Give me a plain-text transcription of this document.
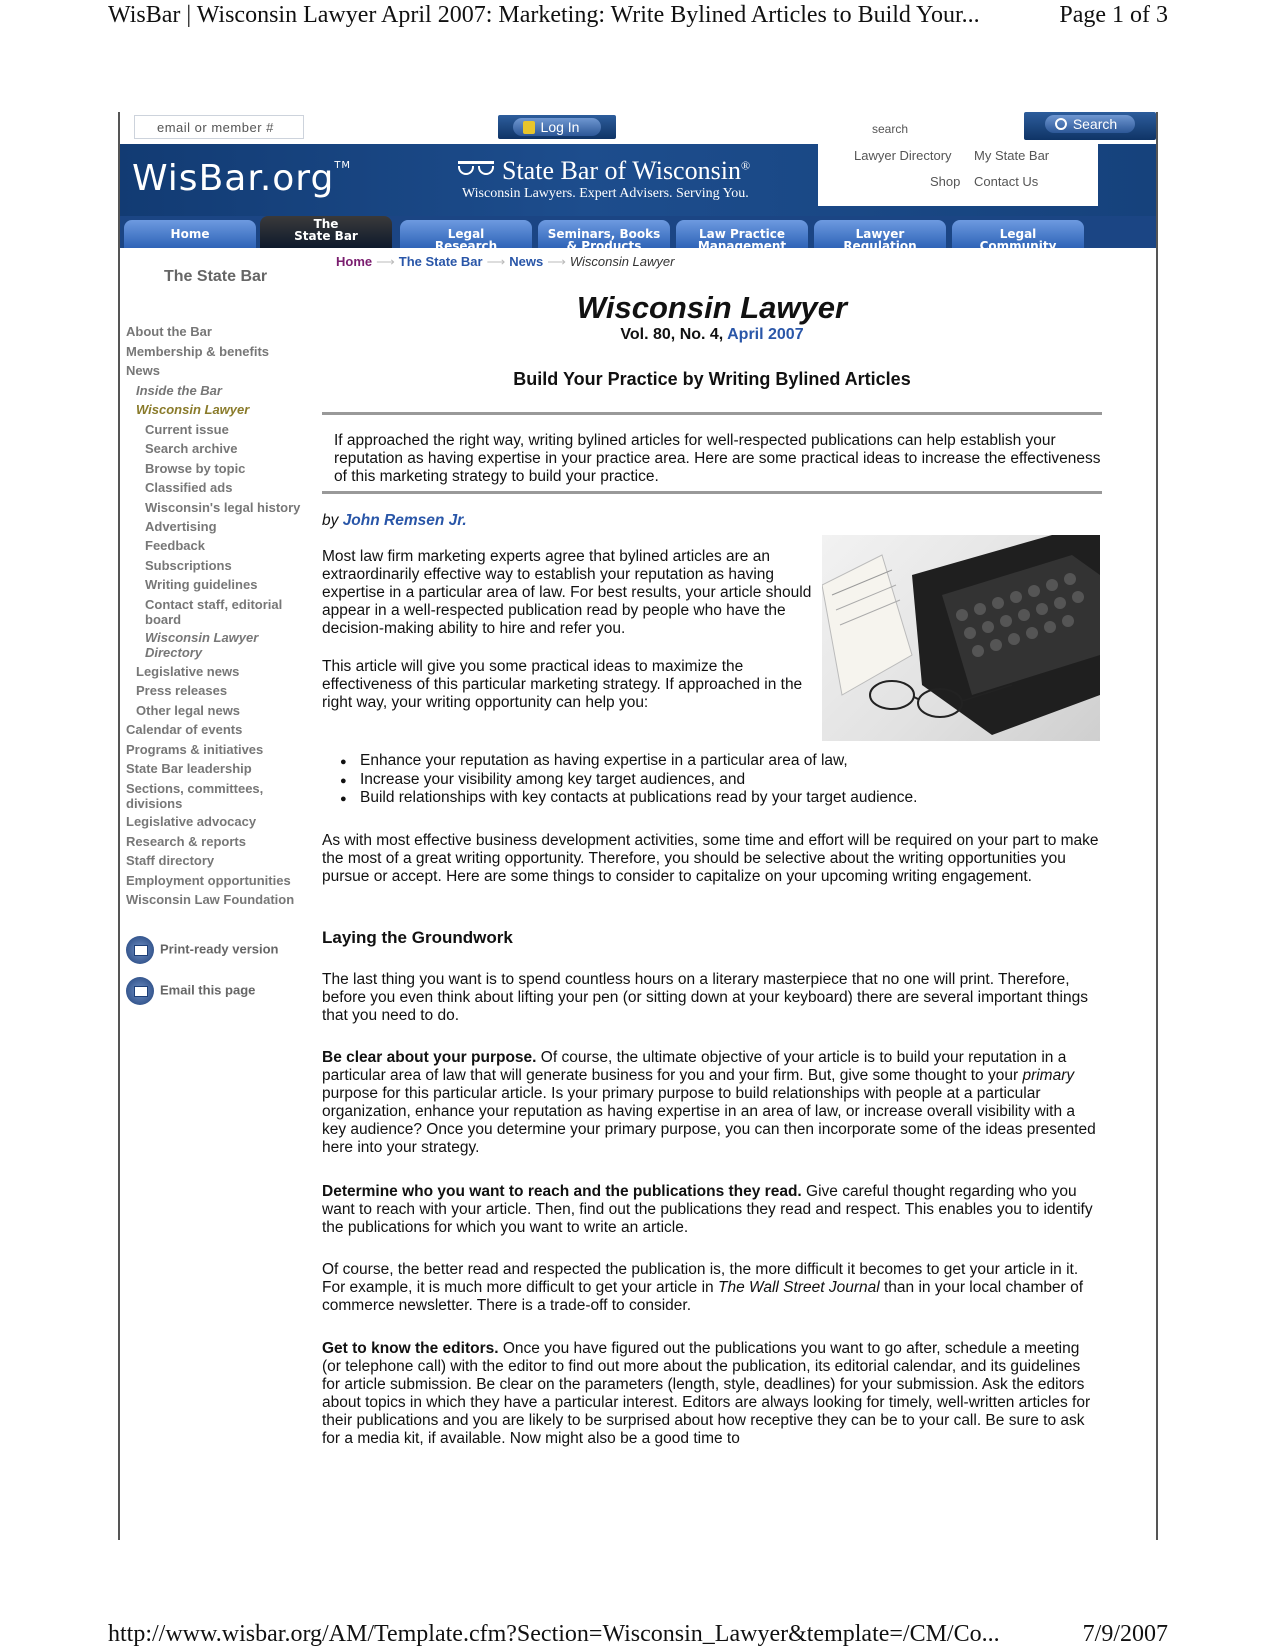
WisBar | Wisconsin Lawyer April 2007: Marketing: Write Bylined Articles to Build Your...	Page 1 of 3
email or member #	Log In	search	Search
WisBar.org™	State Bar of Wisconsin®
Wisconsin Lawyers. Expert Advisers. Serving You.
Lawyer Directory My State Bar
Shop Contact Us
Home
The
State Bar	Legal
Research
Seminars, Books
& Products
Law Practice
Management
Lawyer
Regulation
Legal
Community
The State Bar
About the Bar
Membership & benefits
News
Inside the Bar
Wisconsin Lawyer
Current issue
Search archive
Browse by topic
Classified ads
Wisconsin's legal history
Advertising
Feedback
Subscriptions
Writing guidelines
Contact staff, editorial board
Wisconsin Lawyer Directory
Legislative news
Press releases
Other legal news
Calendar of events
Programs & initiatives
State Bar leadership
Sections, committees, divisions
Legislative advocacy
Research & reports
Staff directory
Employment opportunities
Wisconsin Law Foundation
Print-ready version
Email this page
Home ⟶ The State Bar ⟶ News ⟶ Wisconsin Lawyer
Wisconsin Lawyer
Vol. 80, No. 4, April 2007
Build Your Practice by Writing Bylined Articles
If approached the right way, writing bylined articles for well-respected publications can help establish your reputation as having expertise in your practice area. Here are some practical ideas to increase the effectiveness of this marketing strategy to build your practice.
by John Remsen Jr.
Most law firm marketing experts agree that bylined articles are an extraordinarily effective way to establish your reputation as having expertise in a particular area of law. For best results, your article should appear in a well-respected publication read by people who have the decision-making ability to hire and refer you.
This article will give you some practical ideas to maximize the effectiveness of this particular marketing strategy. If approached in the right way, your writing opportunity can help you:
● Enhance your reputation as having expertise in a particular area of law,
● Increase your visibility among key target audiences, and
● Build relationships with key contacts at publications read by your target audience.
As with most effective business development activities, some time and effort will be required on your part to make the most of a great writing opportunity. Therefore, you should be selective about the writing opportunities you pursue or accept. Here are some things to consider to capitalize on your upcoming writing engagement.
Laying the Groundwork
The last thing you want is to spend countless hours on a literary masterpiece that no one will print. Therefore, before you even think about lifting your pen (or sitting down at your keyboard) there are several important things that you need to do.
Be clear about your purpose. Of course, the ultimate objective of your article is to build your reputation in a particular area of law that will generate business for you and your firm. But, give some thought to your primary purpose for this particular article. Is your primary purpose to build relationships with people at a particular organization, enhance your reputation as having expertise in an area of law, or increase overall visibility with a key audience? Once you determine your primary purpose, you can then incorporate some of the ideas presented here into your strategy.
Determine who you want to reach and the publications they read. Give careful thought regarding who you want to reach with your article. Then, find out the publications they read and respect. This enables you to identify the publications for which you want to write an article.
Of course, the better read and respected the publication is, the more difficult it becomes to get your article in it. For example, it is much more difficult to get your article in The Wall Street Journal than in your local chamber of commerce newsletter. There is a trade-off to consider.
Get to know the editors. Once you have figured out the publications you want to go after, schedule a meeting (or telephone call) with the editor to find out more about the publication, its editorial calendar, and its guidelines for article submission. Be clear on the parameters (length, style, deadlines) for your submission. Ask the editors about topics in which they have a particular interest. Editors are always looking for timely, well-written articles for their publications and you are likely to be surprised about how receptive they can be to your call. Be sure to ask for a media kit, if available. Now might also be a good time to
http://www.wisbar.org/AM/Template.cfm?Section=Wisconsin_Lawyer&template=/CM/Co...	7/9/2007
